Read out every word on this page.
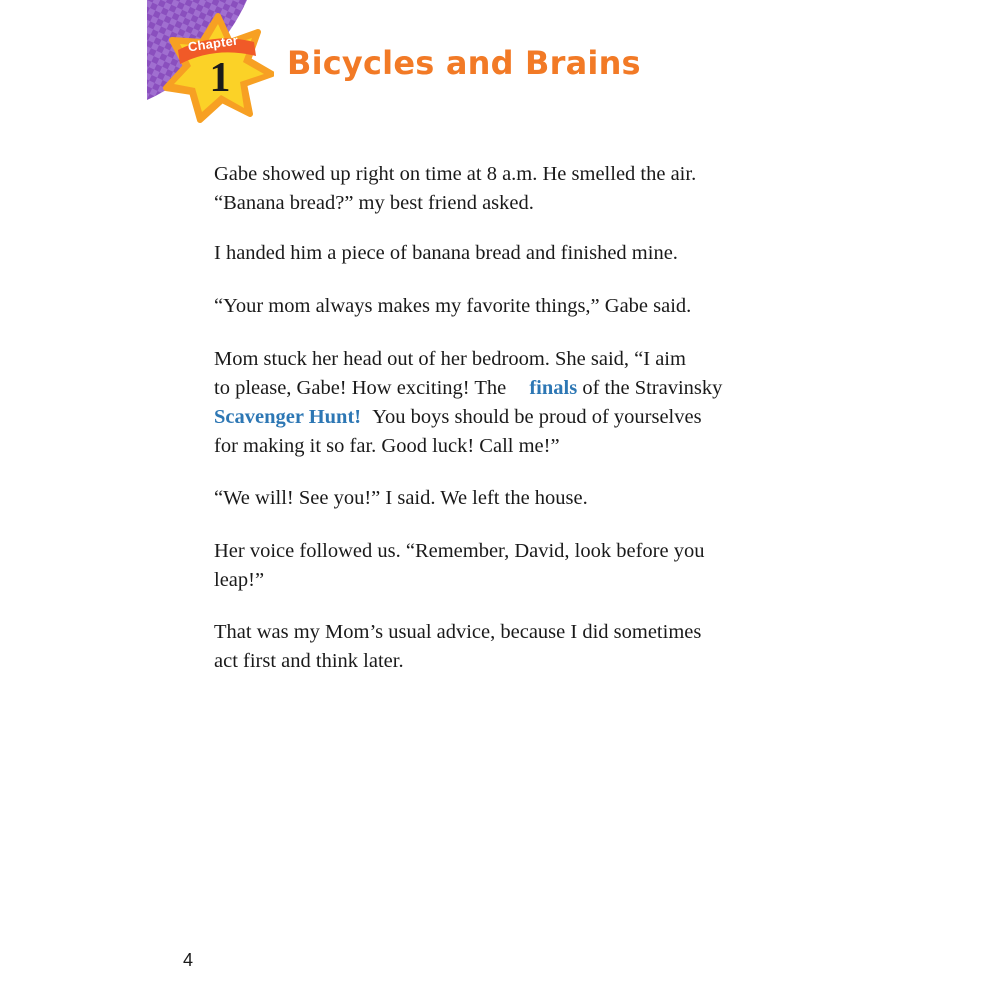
Chapter
1	Bicycles and Brains

Gabe showed up right on time at 8 a.m. He smelled the air.
“Banana bread?” my best friend asked.

I handed him a piece of banana bread and finished mine.

“Your mom always makes my favorite things,” Gabe said.

Mom stuck her head out of her bedroom. She said, “I aim
to please, Gabe! How exciting! The finals of the Stravinsky
Scavenger Hunt! You boys should be proud of yourselves
for making it so far. Good luck! Call me!”

“We will! See you!” I said. We left the house.

Her voice followed us. “Remember, David, look before you
leap!”

That was my Mom’s usual advice, because I did sometimes
act first and think later.

4
